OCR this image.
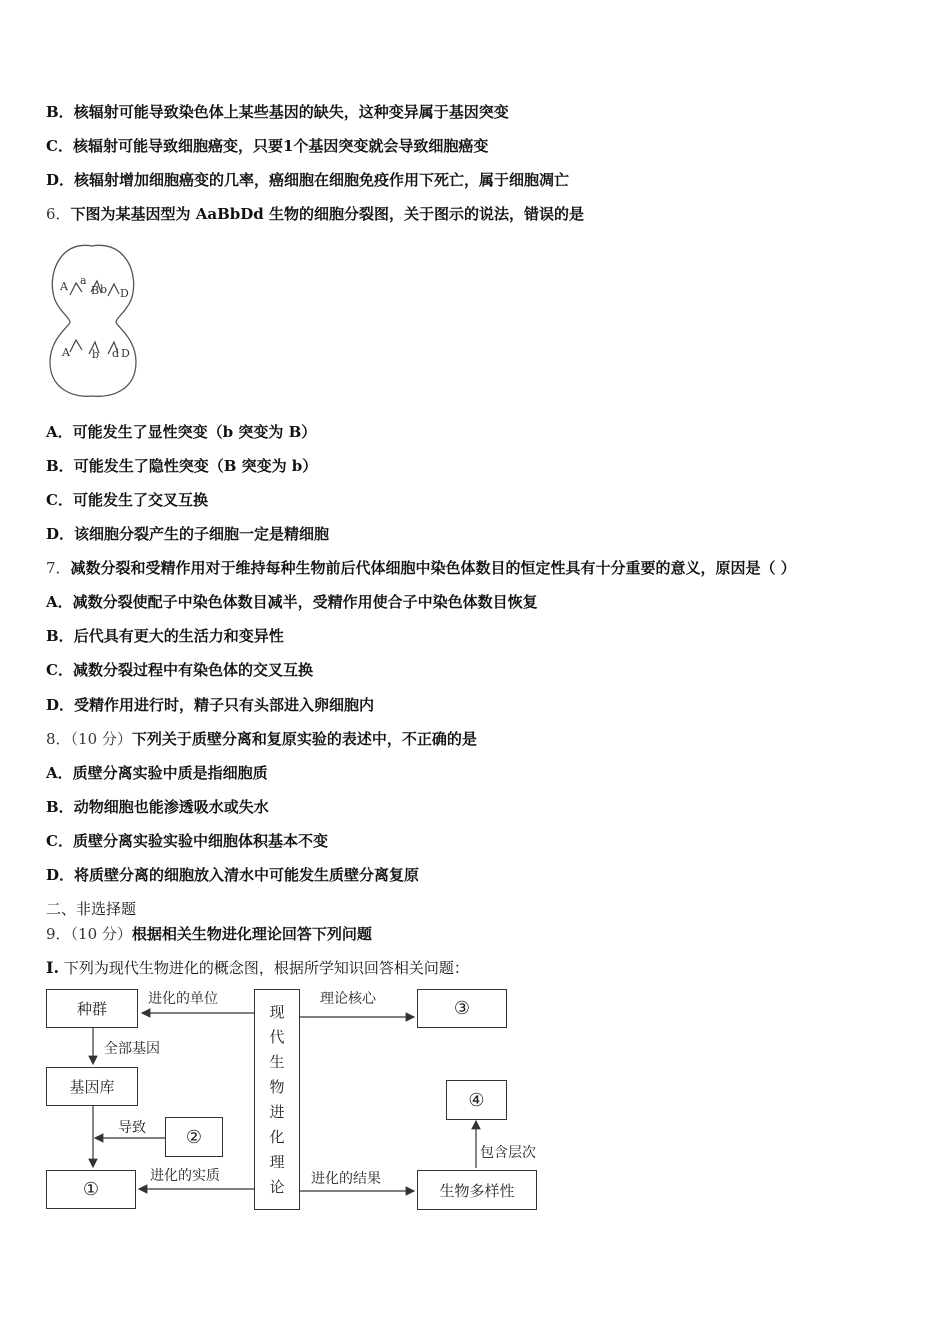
B．核辐射可能导致染色体上某些基因的缺失，这种变异属于基因突变
C．核辐射可能导致细胞癌变，只要1个基因突变就会导致细胞癌变
D．核辐射增加细胞癌变的几率，癌细胞在细胞免疫作用下死亡，属于细胞凋亡
6．下图为某基因型为 AaBbDd 生物的细胞分裂图，关于图示的说法，错误的是
A a
B b D
A b d D
A．可能发生了显性突变（b 突变为 B）
B．可能发生了隐性突变（B 突变为 b）
C．可能发生了交叉互换
D．该细胞分裂产生的子细胞一定是精细胞
7．减数分裂和受精作用对于维持每种生物前后代体细胞中染色体数目的恒定性具有十分重要的意义，原因是（ ）
A．减数分裂使配子中染色体数目减半，受精作用使合子中染色体数目恢复
B．后代具有更大的生活力和变异性
C．减数分裂过程中有染色体的交叉互换
D．受精作用进行时，精子只有头部进入卵细胞内
8．（10 分）下列关于质壁分离和复原实验的表述中，不正确的是
A．质壁分离实验中质是指细胞质
B．动物细胞也能渗透吸水或失水
C．质壁分离实验实验中细胞体积基本不变
D．将质壁分离的细胞放入清水中可能发生质壁分离复原
二、非选择题
9．（10 分）根据相关生物进化理论回答下列问题
I. 下列为现代生物进化的概念图，根据所学知识回答相关问题：
种群
基因库
②
①
现
代
生
物
进
化
理
论
③
④
生物多样性
进化的单位
全部基因
导致
进化的实质
理论核心
进化的结果
包含层次
